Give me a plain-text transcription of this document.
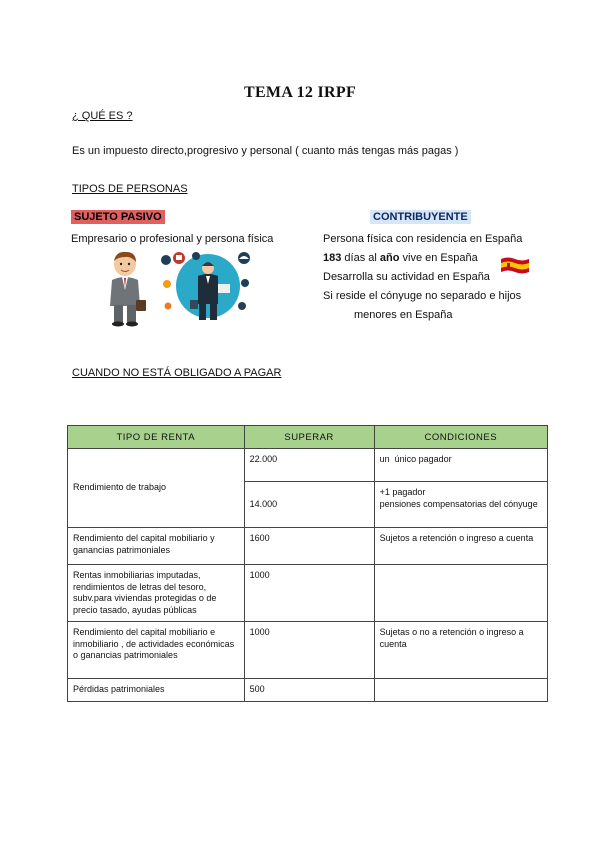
TEMA 12 IRPF
¿ QUÉ ES ?
Es un impuesto directo,progresivo y personal ( cuanto más tengas más pagas )
TIPOS DE PERSONAS
SUJETO PASIVO	CONTRIBUYENTE
Empresario o profesional y persona física	Persona física con residencia en España
183 días al año vive en España
Desarrolla su actividad en España
Si reside el cónyuge no separado e hijos
menores en España
CUANDO NO ESTÁ OBLIGADO A PAGAR
TIPO DE RENTA	SUPERAR	CONDICIONES
Rendimiento de trabajo	22.000	un  único pagador
	14.000	+1 pagador
pensiones compensatorias del cónyuge

Rendimiento del capital mobiliario y ganancias patrimoniales	1600	Sujetos a retención o ingreso a cuenta
Rentas inmobiliarias imputadas, rendimientos de letras del tesoro, subv.para viviendas protegidas o de precio tasado, ayudas públicas	1000	
Rendimiento del capital mobiliario e inmobiliario , de actividades económicas o ganancias patrimoniales	1000	Sujetas o no a retención o ingreso a cuenta
Pérdidas patrimoniales	500	
